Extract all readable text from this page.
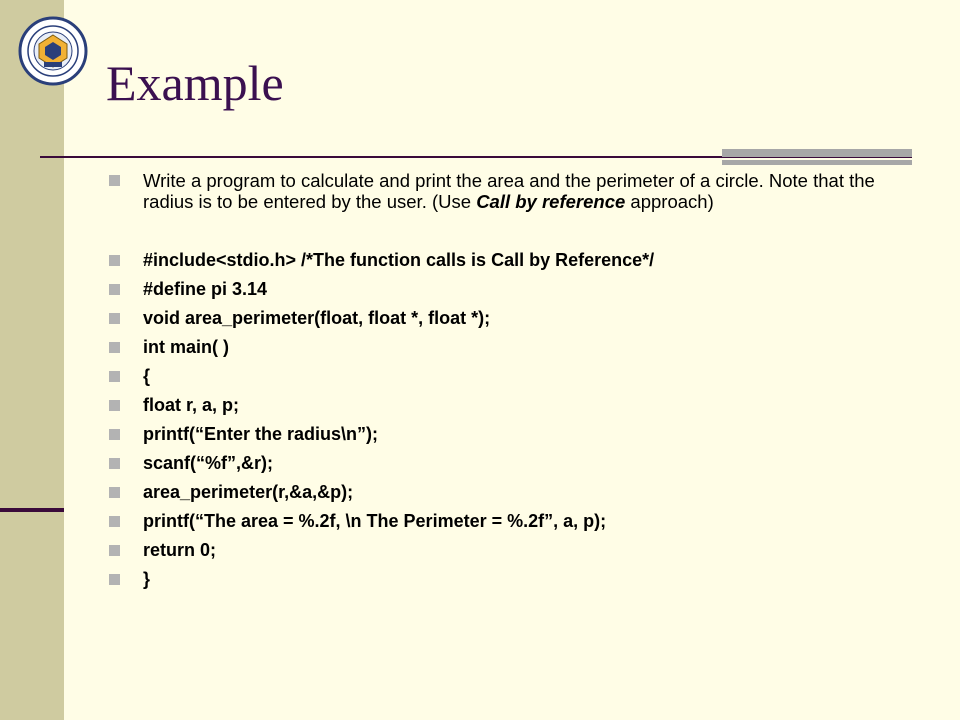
Example
Write a program to calculate and print the area and the perimeter of a circle. Note that the radius is to be entered by the user. (Use Call by reference approach)
#include<stdio.h> /*The function calls is Call by Reference*/
#define pi 3.14
void area_perimeter(float, float *, float *);
int main( )
{
float r, a, p;
printf(“Enter the radius\n”);
scanf(“%f”,&r);
area_perimeter(r,&a,&p);
printf(“The area = %.2f, \n The Perimeter = %.2f”, a, p);
return 0;
}
